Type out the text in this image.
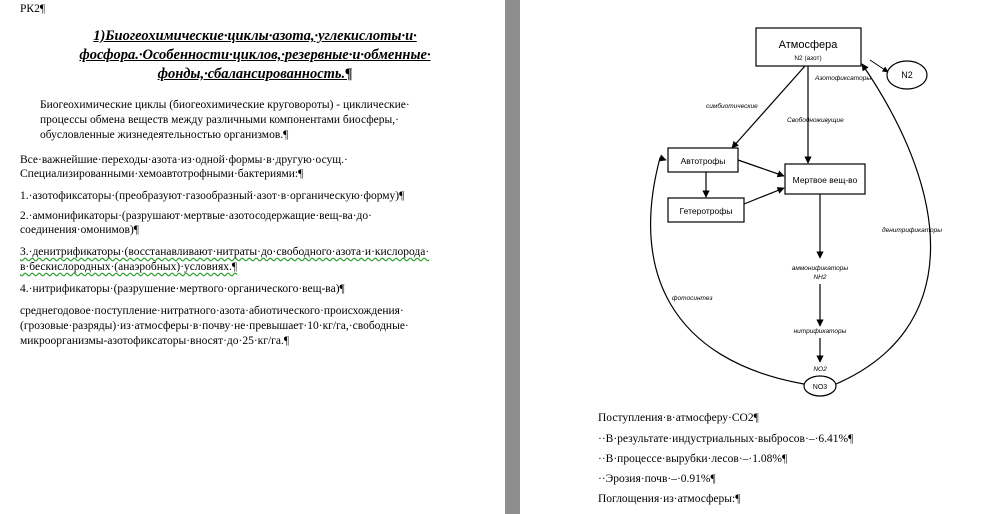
РК2¶
1)Биогеохимические·циклы·азота,·углекислоты·и·
фосфора.·Особенности·циклов,·резервные·и·обменные·
фонды,·сбалансированность.¶
Биогеохимические циклы (биогеохимические круговороты) - циклические·
процессы обмена веществ между различными компонентами биосферы,·
обусловленные жизнедеятельностью организмов.¶
Все·важнейшие·переходы·азота·из·одной·формы·в·другую·осущ.·
Специализированными·хемоавтотрофными·бактериями:¶
1.·азотофиксаторы·(преобразуют·газообразный·азот·в·органическую·форму)¶
2.·аммонификаторы·(разрушают·мертвые·азотосодержащие·вещ-ва·до·
соединения·омонимов)¶
3.·денитрификаторы·(восстанавливают·нитраты·до·свободного·азота·и·кислорода·
в·бескислородных·(анаэробных)·условиях.¶
4.·нитрификаторы·(разрушение·мертвого·органического·вещ-ва)¶
среднегодовое·поступление·нитратного·азота·абиотического·происхождения·
(грозовые·разряды)·из·атмосферы·в·почву·не·превышает·10·кг/га,·свободные·
микроорганизмы-азотофиксаторы·вносят·до·25·кг/га.¶
Атмосфера
N2 (азот)
N2
Азотофиксаторы
симбиотические
Свободноживущие
Автотрофы
Мертвое вещ-во
Гетеротрофы
аммонификаторы
NH2
нитрификаторы
NO2
NO3
фотосинтез
денитрификаторы
Поступления·в·атмосферу·CO2¶
··В·результате·индустриальных·выбросов·–·6.41%¶
··В·процессе·вырубки·лесов·–·1.08%¶
··Эрозия·почв·–·0.91%¶
Поглощения·из·атмосферы:¶
